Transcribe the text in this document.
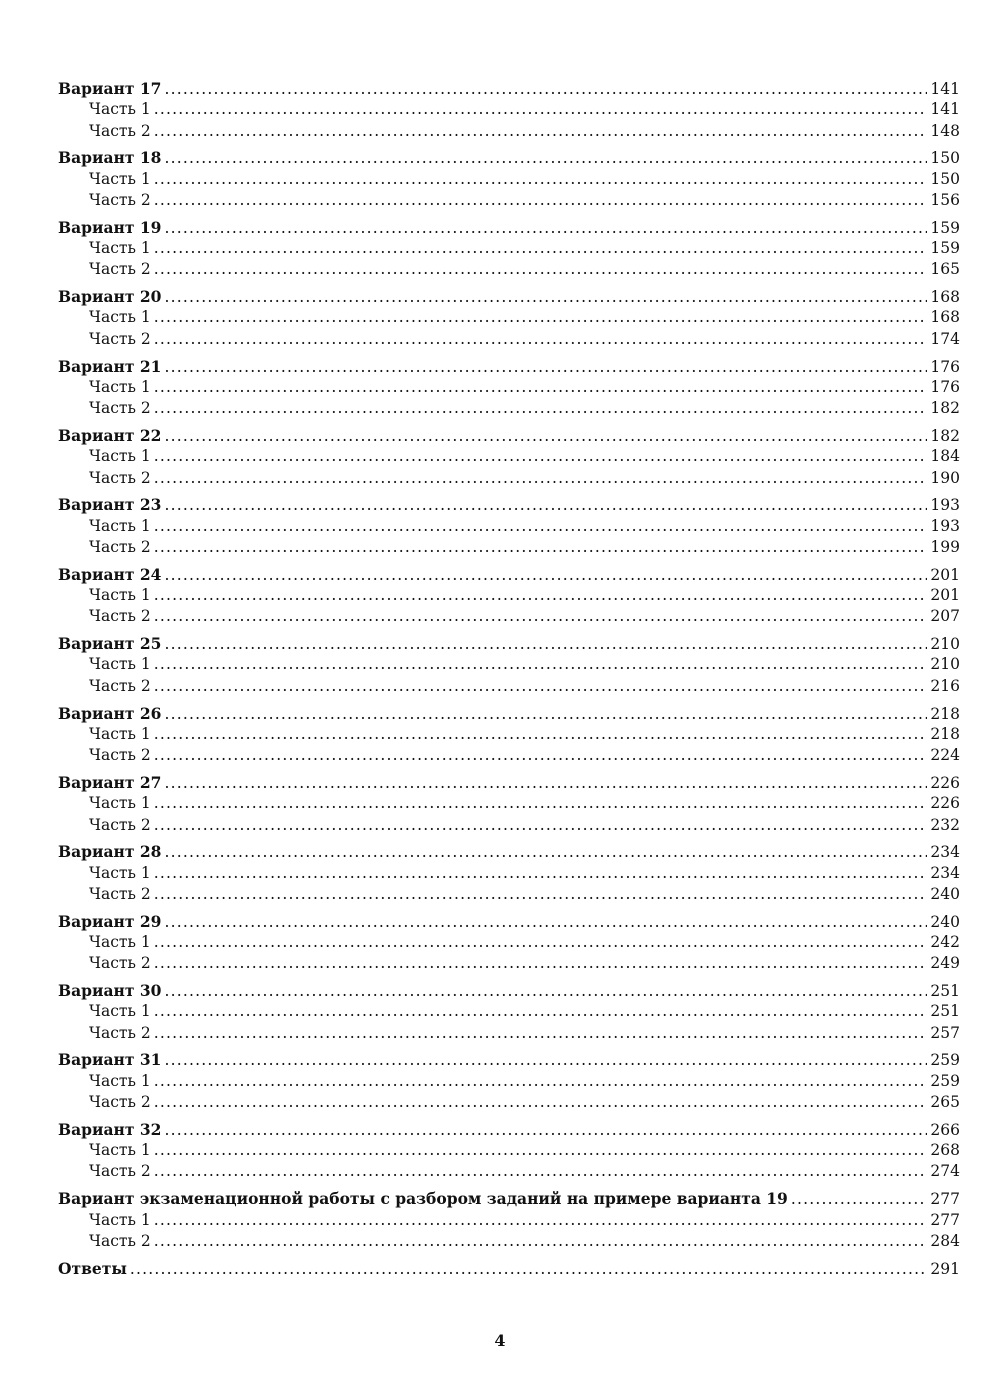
Вариант 17 .....	141
Часть 1 .....	141
Часть 2 .....	148
Вариант 18 .....	150
Часть 1 .....	150
Часть 2 .....	156
Вариант 19 .....	159
Часть 1 .....	159
Часть 2 .....	165
Вариант 20 .....	168
Часть 1 .....	168
Часть 2 .....	174
Вариант 21 .....	176
Часть 1 .....	176
Часть 2 .....	182
Вариант 22 .....	182
Часть 1 .....	184
Часть 2 .....	190
Вариант 23 .....	193
Часть 1 .....	193
Часть 2 .....	199
Вариант 24 .....	201
Часть 1 .....	201
Часть 2 .....	207
Вариант 25 .....	210
Часть 1 .....	210
Часть 2 .....	216
Вариант 26 .....	218
Часть 1 .....	218
Часть 2 .....	224
Вариант 27 .....	226
Часть 1 .....	226
Часть 2 .....	232
Вариант 28 .....	234
Часть 1 .....	234
Часть 2 .....	240
Вариант 29 .....	240
Часть 1 .....	242
Часть 2 .....	249
Вариант 30 .....	251
Часть 1 .....	251
Часть 2 .....	257
Вариант 31 .....	259
Часть 1 .....	259
Часть 2 .....	265
Вариант 32 .....	266
Часть 1 .....	268
Часть 2 .....	274
Вариант экзаменационной работы с разбором заданий на примере варианта 19 .....	277
Часть 1 .....	277
Часть 2 .....	284
Ответы .....	291
4
